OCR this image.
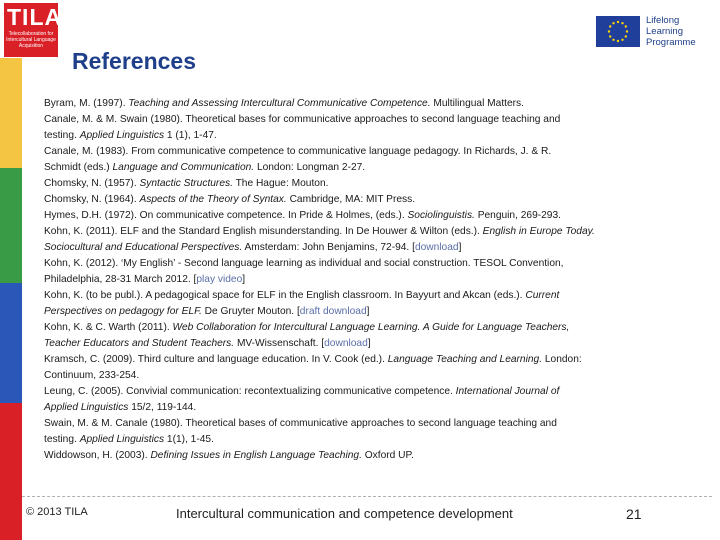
TILA
Telecollaboration for Intercultural Language Acquisition
References
Lifelong
Learning
Programme
Byram, M. (1997). Teaching and Assessing Intercultural Communicative Competence. Multilingual Matters.
Canale, M. & M. Swain (1980). Theoretical bases for communicative approaches to second language teaching and
testing. Applied Linguistics 1 (1), 1-47.
Canale, M. (1983). From communicative competence to communicative language pedagogy. In Richards, J. & R.
Schmidt (eds.) Language and Communication. London: Longman 2-27.
Chomsky, N. (1957). Syntactic Structures. The Hague: Mouton.
Chomsky, N. (1964). Aspects of the Theory of Syntax. Cambridge, MA: MIT Press.
Hymes, D.H. (1972). On communicative competence. In Pride & Holmes, (eds.). Sociolinguistis. Penguin, 269-293.
Kohn, K. (2011). ELF and the Standard English misunderstanding. In De Houwer & Wilton (eds.). English in Europe Today.
Sociocultural and Educational Perspectives. Amsterdam: John Benjamins, 72-94. [download]
Kohn, K. (2012). ‘My English’ - Second language learning as individual and social construction. TESOL Convention,
Philadelphia, 28-31 March 2012. [play video]
Kohn, K. (to be publ.). A pedagogical space for ELF in the English classroom. In Bayyurt and Akcan (eds.). Current
Perspectives on pedagogy for ELF. De Gruyter Mouton. [draft download]
Kohn, K. & C. Warth (2011). Web Collaboration for Intercultural Language Learning. A Guide for Language Teachers,
Teacher Educators and Student Teachers. MV-Wissenschaft. [download]
Kramsch, C. (2009). Third culture and language education. In V. Cook (ed.). Language Teaching and Learning. London:
Continuum, 233-254.
Leung, C. (2005). Convivial communication: recontextualizing communicative competence. International Journal of
Applied Linguistics 15/2, 119-144.
Swain, M. & M. Canale (1980). Theoretical bases of communicative approaches to second language teaching and
testing. Applied Linguistics 1(1), 1-45.
Widdowson, H. (2003). Defining Issues in English Language Teaching. Oxford UP.
© 2013 TILA	Intercultural communication and competence development	21
